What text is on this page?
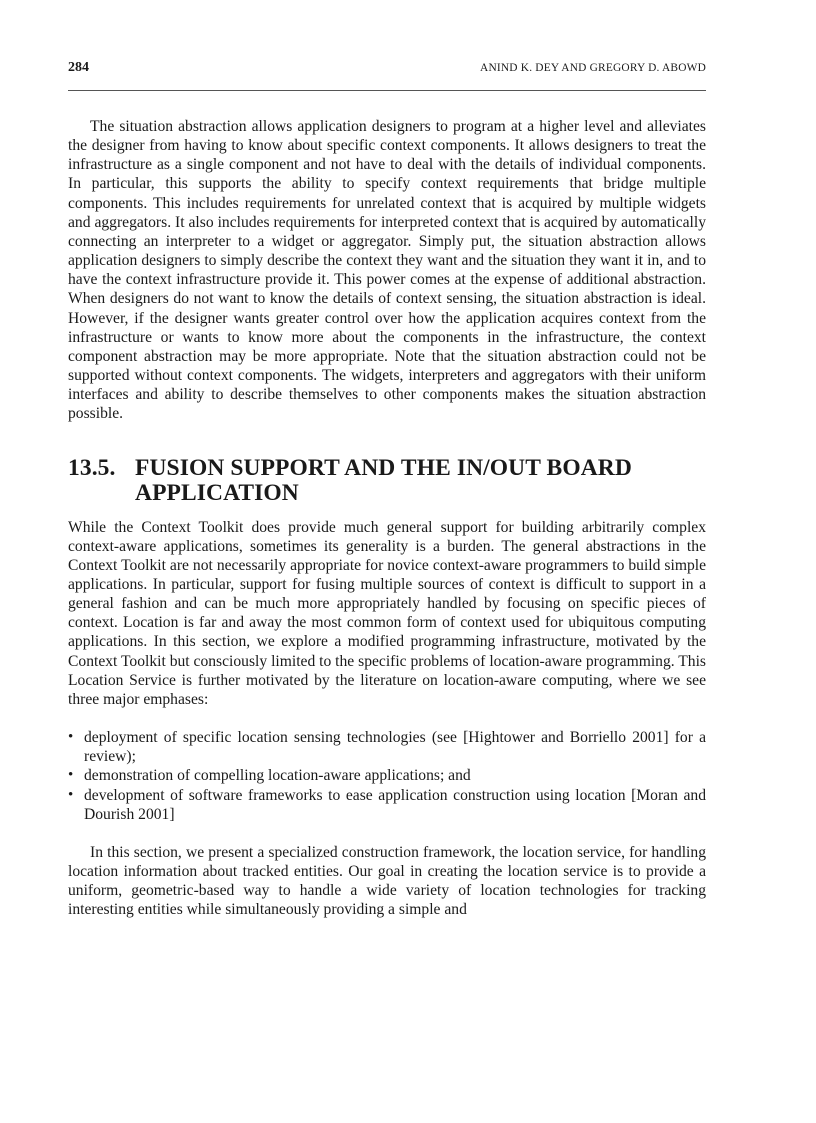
284	ANIND K. DEY AND GREGORY D. ABOWD

The situation abstraction allows application designers to program at a higher level and alleviates the designer from having to know about specific context components. It allows designers to treat the infrastructure as a single component and not have to deal with the details of individual components. In particular, this supports the ability to specify context requirements that bridge multiple components. This includes requirements for unrelated context that is acquired by multiple widgets and aggregators. It also includes requirements for interpreted context that is acquired by automatically connecting an interpreter to a widget or aggregator. Simply put, the situation abstraction allows application designers to simply describe the context they want and the situation they want it in, and to have the context infrastructure provide it. This power comes at the expense of additional abstraction. When designers do not want to know the details of context sensing, the situation abstraction is ideal. However, if the designer wants greater control over how the application acquires context from the infrastructure or wants to know more about the components in the infrastructure, the context component abstraction may be more appropriate. Note that the situation abstraction could not be supported without context components. The widgets, interpreters and aggregators with their uniform interfaces and ability to describe themselves to other components makes the situation abstraction possible.

13.5. FUSION SUPPORT AND THE IN/OUT BOARD APPLICATION

While the Context Toolkit does provide much general support for building arbitrarily complex context-aware applications, sometimes its generality is a burden. The general abstractions in the Context Toolkit are not necessarily appropriate for novice context-aware programmers to build simple applications. In particular, support for fusing multiple sources of context is difficult to support in a general fashion and can be much more appropriately handled by focusing on specific pieces of context. Location is far and away the most common form of context used for ubiquitous computing applications. In this section, we explore a modified programming infrastructure, motivated by the Context Toolkit but consciously limited to the specific problems of location-aware programming. This Location Service is further motivated by the literature on location-aware computing, where we see three major emphases:

• deployment of specific location sensing technologies (see [Hightower and Borriello 2001] for a review);
• demonstration of compelling location-aware applications; and
• development of software frameworks to ease application construction using location [Moran and Dourish 2001]

In this section, we present a specialized construction framework, the location service, for handling location information about tracked entities. Our goal in creating the location service is to provide a uniform, geometric-based way to handle a wide variety of location technologies for tracking interesting entities while simultaneously providing a simple and
